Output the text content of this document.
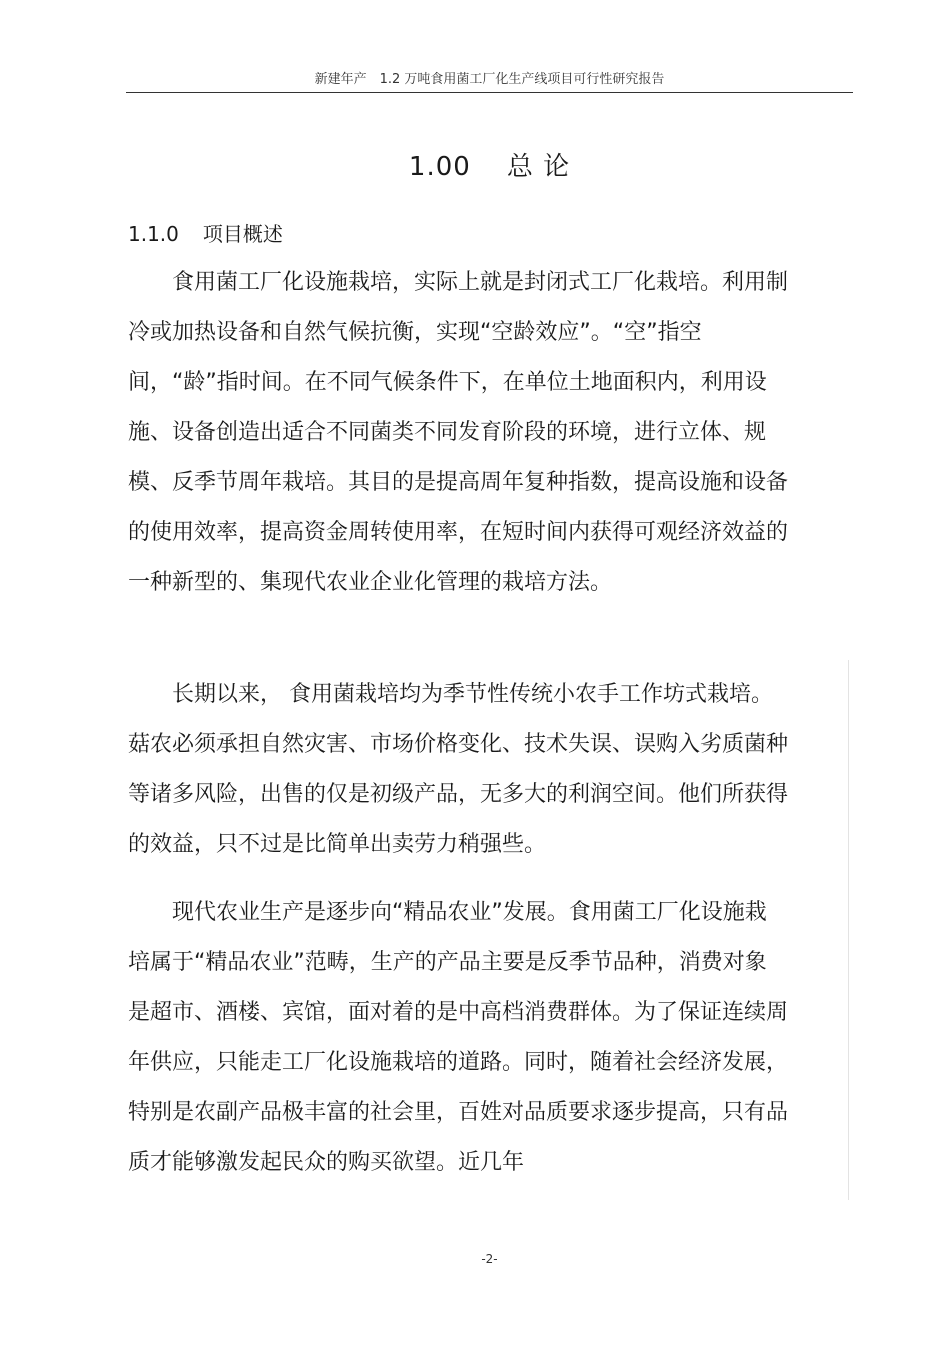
新建年产　1.2 万吨食用菌工厂化生产线项目可行性研究报告
1.00 总 论
1.1.0 项目概述

食用菌工厂化设施栽培，实际上就是封闭式工厂化栽培。利用制冷或加热设备和自然气候抗衡，实现“空龄效应”。“空”指空间，“龄”指时间。在不同气候条件下，在单位土地面积内，利用设施、设备创造出适合不同菌类不同发育阶段的环境，进行立体、规模、反季节周年栽培。其目的是提高周年复种指数，提高设施和设备的使用效率，提高资金周转使用率，在短时间内获得可观经济效益的一种新型的、集现代农业企业化管理的栽培方法。

长期以来， 食用菌栽培均为季节性传统小农手工作坊式栽培。菇农必须承担自然灾害、市场价格变化、技术失误、误购入劣质菌种等诸多风险，出售的仅是初级产品，无多大的利润空间。他们所获得的效益，只不过是比简单出卖劳力稍强些。

现代农业生产是逐步向“精品农业”发展。食用菌工厂化设施栽培属于“精品农业”范畴，生产的产品主要是反季节品种，消费对象是超市、酒楼、宾馆，面对着的是中高档消费群体。为了保证连续周年供应，只能走工厂化设施栽培的道路。同时，随着社会经济发展，特别是农副产品极丰富的社会里，百姓对品质要求逐步提高，只有品质才能够激发起民众的购买欲望。近几年

-2-
